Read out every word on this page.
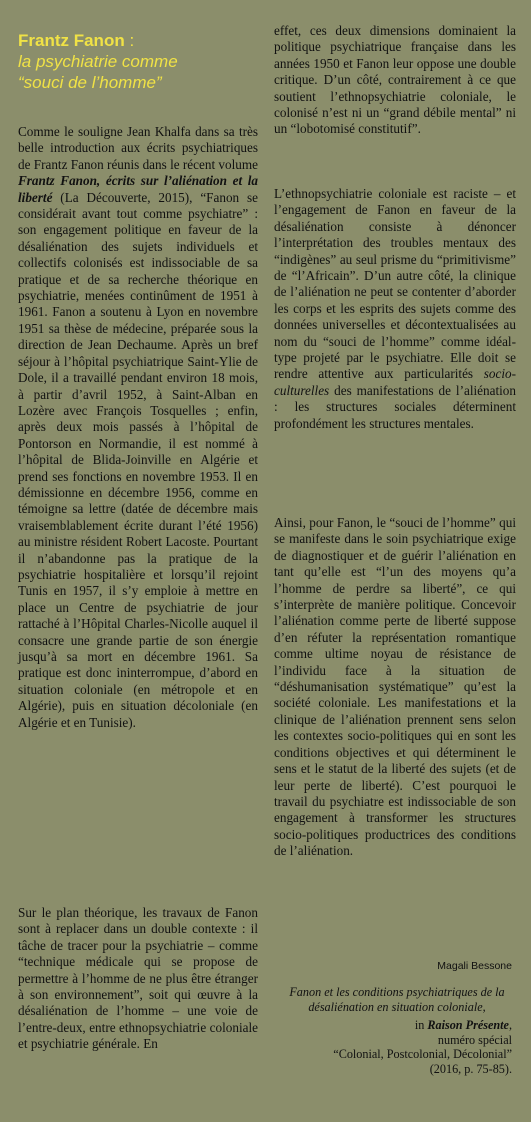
Frantz Fanon :
la psychiatrie comme
“souci de l’homme”

Comme le souligne Jean Khalfa dans sa très belle introduction aux écrits psychiatriques de Frantz Fanon réunis dans le récent volume Frantz Fanon, écrits sur l’aliénation et la liberté (La Découverte, 2015), “Fanon se considérait avant tout comme psychiatre” : son engagement politique en faveur de la désaliénation des sujets individuels et collectifs colonisés est indissociable de sa pratique et de sa recherche théorique en psychiatrie, menées continûment de 1951 à 1961. Fanon a soutenu à Lyon en novembre 1951 sa thèse de médecine, préparée sous la direction de Jean Dechaume. Après un bref séjour à l’hôpital psychiatrique Saint-Ylie de Dole, il a travaillé pendant environ 18 mois, à partir d’avril 1952, à Saint-Alban en Lozère avec François Tosquelles ; enfin, après deux mois passés à l’hôpital de Pontorson en Normandie, il est nommé à l’hôpital de Blida-Joinville en Algérie et prend ses fonctions en novembre 1953. Il en démissionne en décembre 1956, comme en témoigne sa lettre (datée de décembre mais vraisemblablement écrite durant l’été 1956) au ministre résident Robert Lacoste. Pourtant il n’abandonne pas la pratique de la psychiatrie hospitalière et lorsqu’il rejoint Tunis en 1957, il s’y emploie à mettre en place un Centre de psychiatrie de jour rattaché à l’Hôpital Charles-Nicolle auquel il consacre une grande partie de son énergie jusqu’à sa mort en décembre 1961. Sa pratique est donc ininterrompue, d’abord en situation coloniale (en métropole et en Algérie), puis en situation décoloniale (en Algérie et en Tunisie).

Sur le plan théorique, les travaux de Fanon sont à replacer dans un double contexte : il tâche de tracer pour la psychiatrie – comme “technique médicale qui se propose de permettre à l’homme de ne plus être étranger à son environnement”, soit qui œuvre à la désaliénation de l’homme – une voie de l’entre-deux, entre ethnopsychiatrie coloniale et psychiatrie générale. En

effet, ces deux dimensions dominaient la politique psychiatrique française dans les années 1950 et Fanon leur oppose une double critique. D’un côté, contrairement à ce que soutient l’ethnopsychiatrie coloniale, le colonisé n’est ni un “grand débile mental” ni un “lobotomisé constitutif”.

L’ethnopsychiatrie coloniale est raciste – et l’engagement de Fanon en faveur de la désaliénation consiste à dénoncer l’interprétation des troubles mentaux des “indigènes” au seul prisme du “primitivisme” de “l’Africain”. D’un autre côté, la clinique de l’aliénation ne peut se contenter d’aborder les corps et les esprits des sujets comme des données universelles et décontextualisées au nom du “souci de l’homme” comme idéal-type projeté par le psychiatre. Elle doit se rendre attentive aux particularités socio-culturelles des manifestations de l’aliénation : les structures sociales déterminent profondément les structures mentales.

Ainsi, pour Fanon, le “souci de l’homme” qui se manifeste dans le soin psychiatrique exige de diagnostiquer et de guérir l’aliénation en tant qu’elle est “l’un des moyens qu’a l’homme de perdre sa liberté”, ce qui s’interprète de manière politique. Concevoir l’aliénation comme perte de liberté suppose d’en réfuter la représentation romantique comme ultime noyau de résistance de l’individu face à la situation de “déshumanisation systématique” qu’est la société coloniale. Les manifestations et la clinique de l’aliénation prennent sens selon les contextes socio-politiques qui en sont les conditions objectives et qui déterminent le sens et le statut de la liberté des sujets (et de leur perte de liberté). C’est pourquoi le travail du psychiatre est indissociable de son engagement à transformer les structures socio-politiques productrices des conditions de l’aliénation.

Magali Bessone
Fanon et les conditions psychiatriques de la désaliénation en situation coloniale,
in Raison Présente,
numéro spécial
“Colonial, Postcolonial, Décolonial”
(2016, p. 75-85).
